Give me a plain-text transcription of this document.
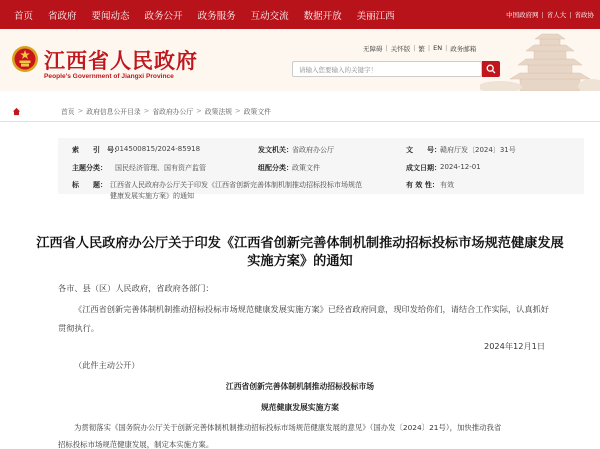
首页 省政府 要闻动态 政务公开 政务服务 互动交流 数据开放 美丽江西	中国政府网 | 省人大 | 省政协
江西省人民政府
People's Government of Jiangxi Province
无障碍 | 关怀版 | 繁 | EN | 政务邮箱
请输入您要输入的关键字！
首页 > 政府信息公开目录 > 省政府办公厅 > 政策法规 > 政策文件
索　　引　号：
014500815/2024-85918	发文机关： 省政府办公厅	文　　号： 赣府厅发〔2024〕31号
主题分类： 国民经济管理、国有资产监管	组配分类： 政策文件	成文日期： 2024-12-01
标　　题： 江西省人民政府办公厅关于印发《江西省创新完善体制机制推动招标投标市场规范
健康发展实施方案》的通知
有 效 性： 有效
江西省人民政府办公厅关于印发《江西省创新完善体制机制推动招标投标市场规范健康发展
实施方案》的通知
各市、县（区）人民政府，省政府各部门：
《江西省创新完善体制机制推动招标投标市场规范健康发展实施方案》已经省政府同意，现印发给你们，请结合工作实际，认真抓好
贯彻执行。
2024年12月1日
（此件主动公开）
江西省创新完善体制机制推动招标投标市场
规范健康发展实施方案
为贯彻落实《国务院办公厅关于创新完善体制机制推动招标投标市场规范健康发展的意见》（国办发〔2024〕21号），加快推动我省
招标投标市场规范健康发展，制定本实施方案。
